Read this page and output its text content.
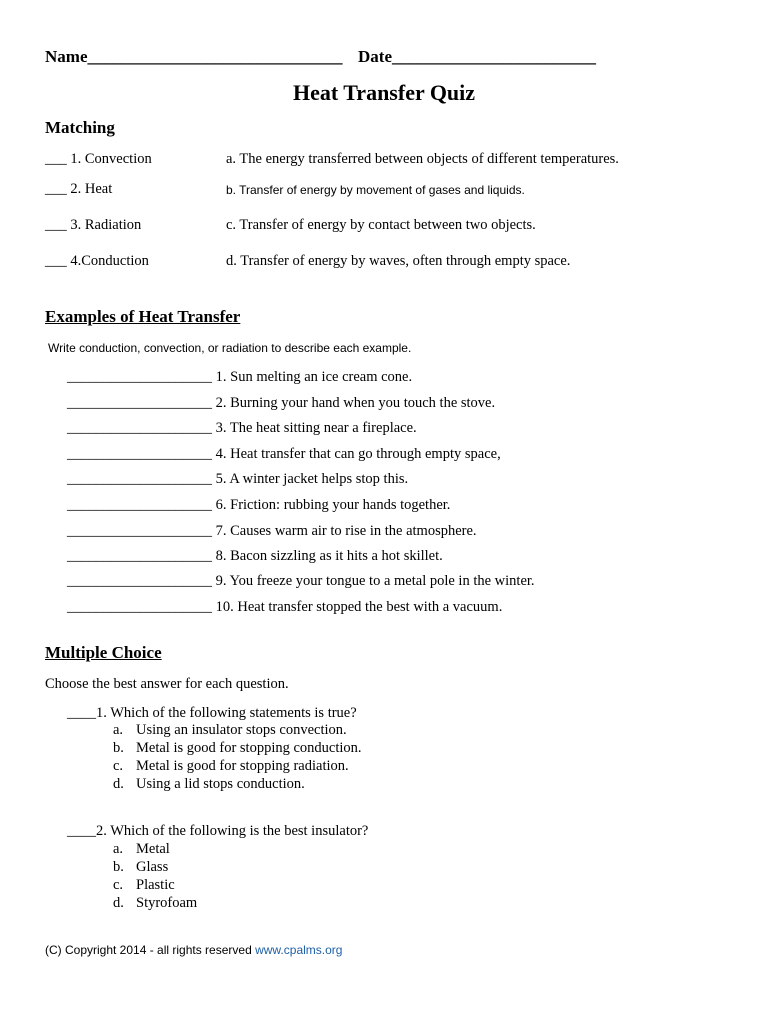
Name______________________________ Date________________________
Heat Transfer Quiz
Matching
___ 1. Convection
___ 2. Heat
___ 3. Radiation
___ 4.Conduction
a. The energy transferred between objects of different temperatures.
b. Transfer of energy by movement of gases and liquids.
c. Transfer of energy by contact between two objects.
d. Transfer of energy by waves, often through empty space.
Examples of Heat Transfer
Write conduction, convection, or radiation to describe each example.
____________________ 1. Sun melting an ice cream cone.
____________________ 2. Burning your hand when you touch the stove.
____________________ 3. The heat sitting near a fireplace.
____________________ 4. Heat transfer that can go through empty space,
____________________ 5. A winter jacket helps stop this.
____________________ 6. Friction: rubbing your hands together.
____________________ 7. Causes warm air to rise in the atmosphere.
____________________ 8. Bacon sizzling as it hits a hot skillet.
____________________ 9. You freeze your tongue to a metal pole in the winter.
____________________ 10. Heat transfer stopped the best with a vacuum.
Multiple Choice
Choose the best answer for each question.
____1. Which of the following statements is true?
a. Using an insulator stops convection.
b. Metal is good for stopping conduction.
c. Metal is good for stopping radiation.
d. Using a lid stops conduction.
____2. Which of the following is the best insulator?
a. Metal
b. Glass
c. Plastic
d. Styrofoam
(C) Copyright 2014 - all rights reserved www.cpalms.org
